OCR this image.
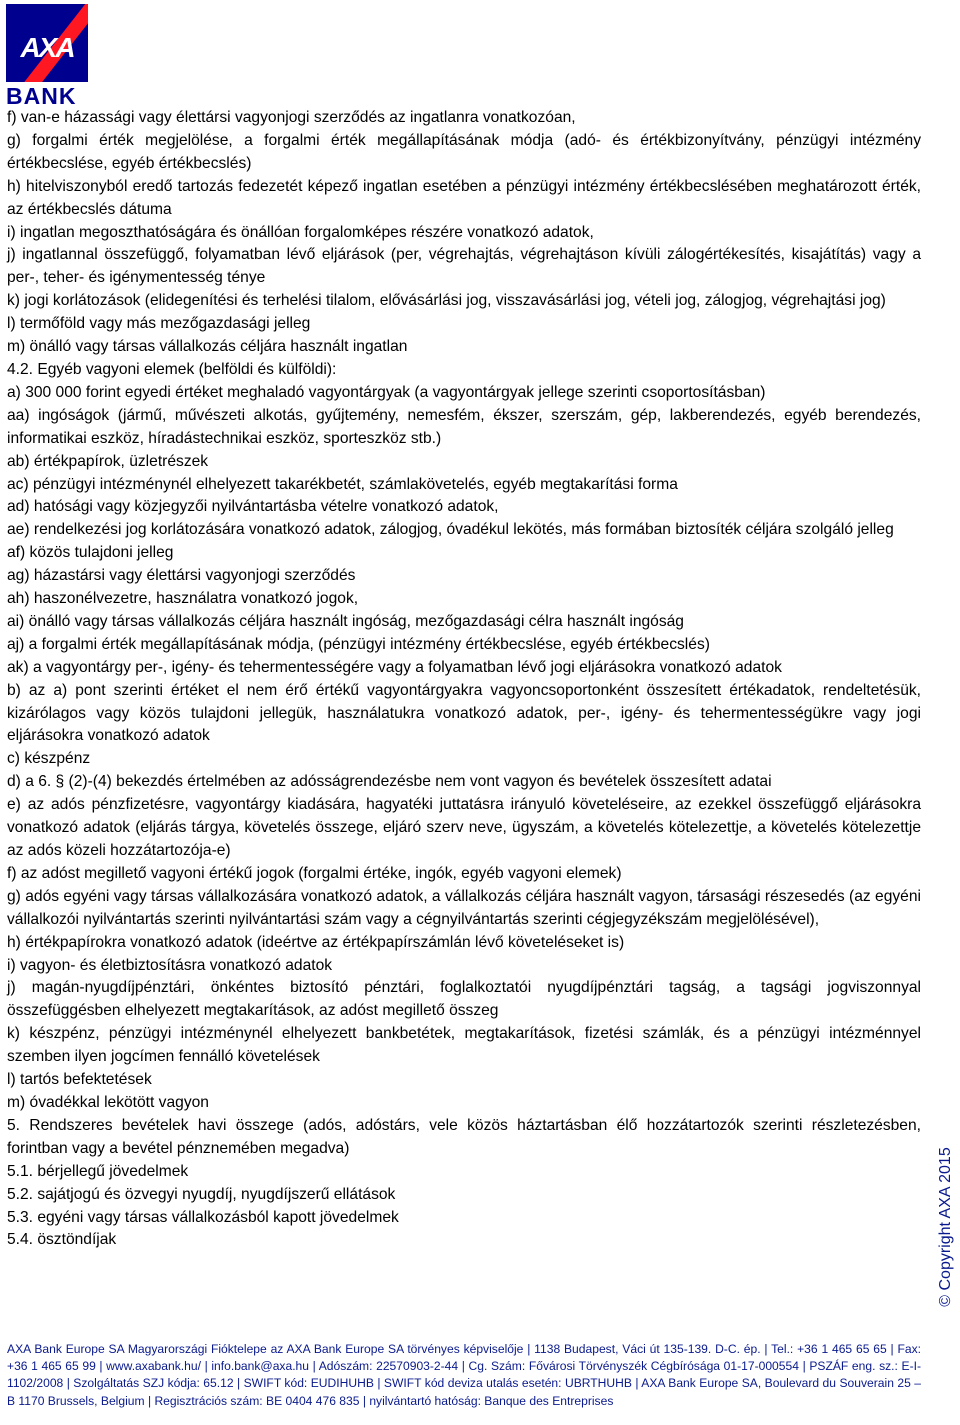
AXA
BANK

f) van-e házassági vagy élettársi vagyonjogi szerződés az ingatlanra vonatkozóan,

g) forgalmi érték megjelölése, a forgalmi érték megállapításának módja (adó- és értékbizonyítvány, pénzügyi intézmény értékbecslése, egyéb értékbecslés)

h) hitelviszonyból eredő tartozás fedezetét képező ingatlan esetében a pénzügyi intézmény értékbecslésében meghatározott érték, az értékbecslés dátuma

i) ingatlan megoszthatóságára és önállóan forgalomképes részére vonatkozó adatok,

j) ingatlannal összefüggő, folyamatban lévő eljárások (per, végrehajtás, végrehajtáson kívüli zálogértékesítés, kisajátítás) vagy a per-, teher- és igénymentesség ténye

k) jogi korlátozások (elidegenítési és terhelési tilalom, elővásárlási jog, visszavásárlási jog, vételi jog, zálogjog, végrehajtási jog)

l) termőföld vagy más mezőgazdasági jelleg

m) önálló vagy társas vállalkozás céljára használt ingatlan

4.2. Egyéb vagyoni elemek (belföldi és külföldi):

a) 300 000 forint egyedi értéket meghaladó vagyontárgyak (a vagyontárgyak jellege szerinti csoportosításban)

aa) ingóságok (jármű, művészeti alkotás, gyűjtemény, nemesfém, ékszer, szerszám, gép, lakberendezés, egyéb berendezés, informatikai eszköz, híradástechnikai eszköz, sporteszköz stb.)

ab) értékpapírok, üzletrészek

ac) pénzügyi intézménynél elhelyezett takarékbetét, számlakövetelés, egyéb megtakarítási forma

ad) hatósági vagy közjegyzői nyilvántartásba vételre vonatkozó adatok,

ae) rendelkezési jog korlátozására vonatkozó adatok, zálogjog, óvadékul lekötés, más formában biztosíték céljára szolgáló jelleg

af) közös tulajdoni jelleg

ag) házastársi vagy élettársi vagyonjogi szerződés

ah) haszonélvezetre, használatra vonatkozó jogok,

ai) önálló vagy társas vállalkozás céljára használt ingóság, mezőgazdasági célra használt ingóság

aj) a forgalmi érték megállapításának módja, (pénzügyi intézmény értékbecslése, egyéb értékbecslés)

ak) a vagyontárgy per-, igény- és tehermentességére vagy a folyamatban lévő jogi eljárásokra vonatkozó adatok

b) az a) pont szerinti értéket el nem érő értékű vagyontárgyakra vagyoncsoportonként összesített értékadatok, rendeltetésük, kizárólagos vagy közös tulajdoni jellegük, használatukra vonatkozó adatok, per-, igény- és tehermentességükre vagy jogi eljárásokra vonatkozó adatok

c) készpénz

d) a 6. § (2)-(4) bekezdés értelmében az adósságrendezésbe nem vont vagyon és bevételek összesített adatai

e) az adós pénzfizetésre, vagyontárgy kiadására, hagyatéki juttatásra irányuló követeléseire, az ezekkel összefüggő eljárásokra vonatkozó adatok (eljárás tárgya, követelés összege, eljáró szerv neve, ügyszám, a követelés kötelezettje, a követelés kötelezettje az adós közeli hozzátartozója-e)

f) az adóst megillető vagyoni értékű jogok (forgalmi értéke, ingók, egyéb vagyoni elemek)

g) adós egyéni vagy társas vállalkozására vonatkozó adatok, a vállalkozás céljára használt vagyon, társasági részesedés (az egyéni vállalkozói nyilvántartás szerinti nyilvántartási szám vagy a cégnyilvántartás szerinti cégjegyzékszám megjelölésével),

h) értékpapírokra vonatkozó adatok (ideértve az értékpapírszámlán lévő követeléseket is)

i) vagyon- és életbiztosításra vonatkozó adatok

j) magán-nyugdíjpénztári, önkéntes biztosító pénztári, foglalkoztatói nyugdíjpénztári tagság, a tagsági jogviszonnyal összefüggésben elhelyezett megtakarítások, az adóst megillető összeg

k) készpénz, pénzügyi intézménynél elhelyezett bankbetétek, megtakarítások, fizetési számlák, és a pénzügyi intézménnyel szemben ilyen jogcímen fennálló követelések

l) tartós befektetések

m) óvadékkal lekötött vagyon

5. Rendszeres bevételek havi összege (adós, adóstárs, vele közös háztartásban élő hozzátartozók szerinti részletezésben, forintban vagy a bevétel pénznemében megadva)

5.1. bérjellegű jövedelmek

5.2. sajátjogú és özvegyi nyugdíj, nyugdíjszerű ellátások

5.3. egyéni vagy társas vállalkozásból kapott jövedelmek

5.4. ösztöndíjak	© Copyright AXA 2015
AXA Bank Europe SA Magyarországi Fióktelepe az AXA Bank Europe SA törvényes képviselője | 1138 Budapest, Váci út 135-139. D-C. ép. | Tel.: +36 1 465 65 65 | Fax: +36 1 465 65 99 | www.axabank.hu/ | info.bank@axa.hu | Adószám: 22570903-2-44 | Cg. Szám: Fővárosi Törvényszék Cégbírósága 01-17-000554 | PSZÁF eng. sz.: E-I-1102/2008 | Szolgáltatás SZJ kódja: 65.12 | SWIFT kód: EUDIHUHB | SWIFT kód deviza utalás esetén: UBRTHUHB | AXA Bank Europe SA, Boulevard du Souverain 25 – B 1170 Brussels, Belgium | Regisztrációs szám: BE 0404 476 835 | nyilvántartó hatóság: Banque des Entreprises
